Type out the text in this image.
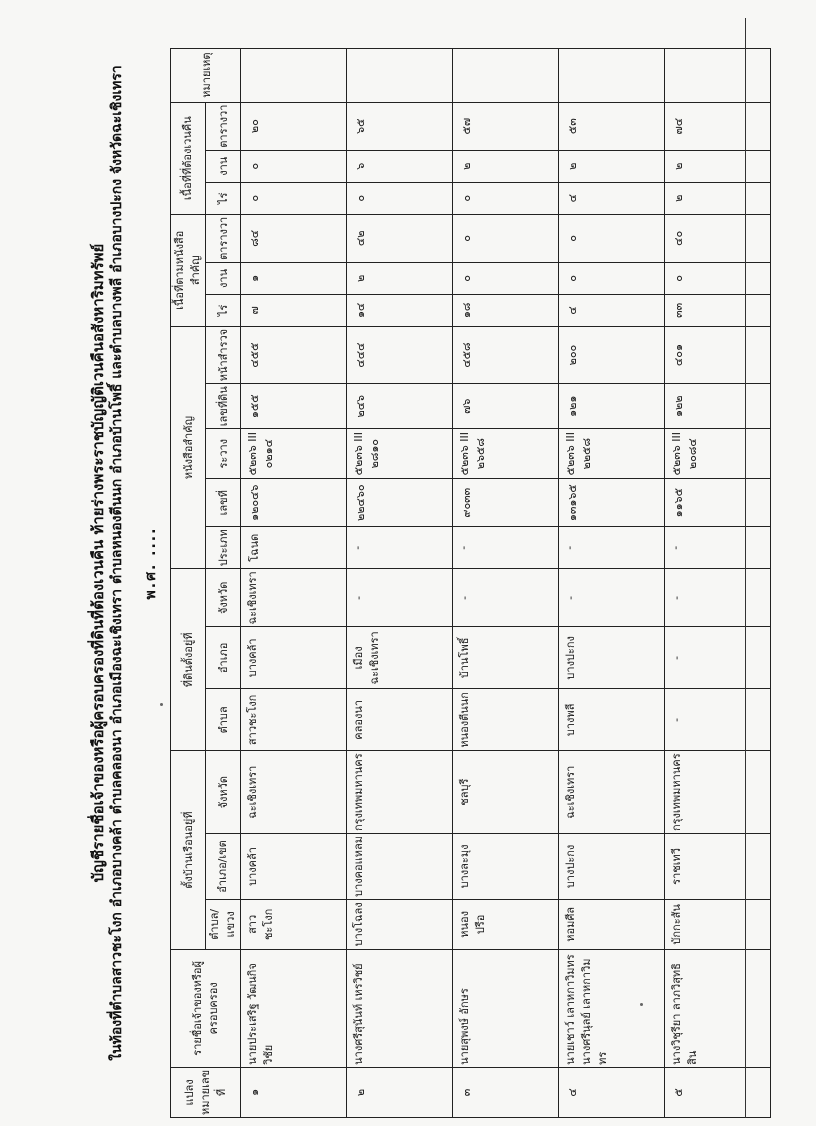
บัญชีรายชื่อเจ้าของหรือผู้ครอบครองที่ดินที่ต้องเวนคืน ท้ายร่างพระราชบัญญัติเวนคืนอสังหาริมทรัพย์ ในท้องที่ตำบลสาวชะโงก อำเภอบางคล้า ตำบลคลองนา อำเภอเมืองฉะเชิงเทรา ตำบลหนองตีนนก อำเภอบ้านโพธิ์ และตำบลบางพลี อำเภอบางปะกง จังหวัดฉะเชิงเทรา พ.ศ. ....
แปลงหมายเลขที่	รายชื่อเจ้าของหรือผู้ครอบครอง	ตั้งบ้านเรือนอยู่ที่			ที่ดินตั้งอยู่ที่			หนังสือสำคัญ					เนื้อที่ตามหนังสือสำคัญ			เนื้อที่ที่ต้องเวนคืน			หมายเหตุ
		ตำบล/แขวง	อำเภอ/เขต	จังหวัด	ตำบล	อำเภอ	จังหวัด	ประเภท	เลขที่	ระวาง	เลขที่ดิน	หน้าสำรวจ	ไร่	งาน	ตารางวา	ไร่	งาน	ตารางวา	

๑	นายประเสริฐ วัฒนกิจวิชัย	สาวชะโงก	บางคล้า	ฉะเชิงเทรา	สาวชะโงก	บางคล้า	ฉะเชิงเทรา	โฉนด	๑๒๐๔๖	๕๒๓๖ III ๐๒๑๔	๑๕๕	๔๕๕	๗	๑	๘๔	๐	๐	๒๐	
๒	นางศรีสุนันท์ เหรวิชย์	บางโฉลง	บางคอแหลม	กรุงเทพมหานคร	คลองนา	เมืองฉะเชิงเทรา	-	-	๒๒๔๖๐	๕๒๓๖ III ๒๘๑๐	๒๔๖	๔๔๔	๑๔	๒	๔๒	๐	๖	๖๕	
๓	นายสุพงษ์ อักษร	หนองปรือ	บางละมุง	ชลบุรี	หนองตีนนก	บ้านโพธิ์	-	-	๙๐๓๓	๕๒๓๖ III ๒๖๕๘	๗๖	๔๕๘	๑๘	๐	๐	๐	๒	๕๗	
๔	นายเชาว์ เลาหกาวิมทร นางศรีนุลย์ เลาหกาวิมทร	หอมศีล	บางปะกง	ฉะเชิงเทรา	บางพลี	บางปะกง	-	-	๑๓๑๖๕	๕๒๓๖ III ๒๒๕๘	๑๒๑	๒๐๐	๔	๐	๐	๔	๒	๕๓	
๕	นางวิชุรียา ลาภวิสุทธิสิน	บักกะสัน	ราชเทวี	กรุงเทพมหานคร	-	-	-	-	๑๑๖๕	๕๒๓๖ III ๒๐๘๔	๑๒๒	๔๐๑	๓๓	๐	๔๐	๒	๒	๗๔	
